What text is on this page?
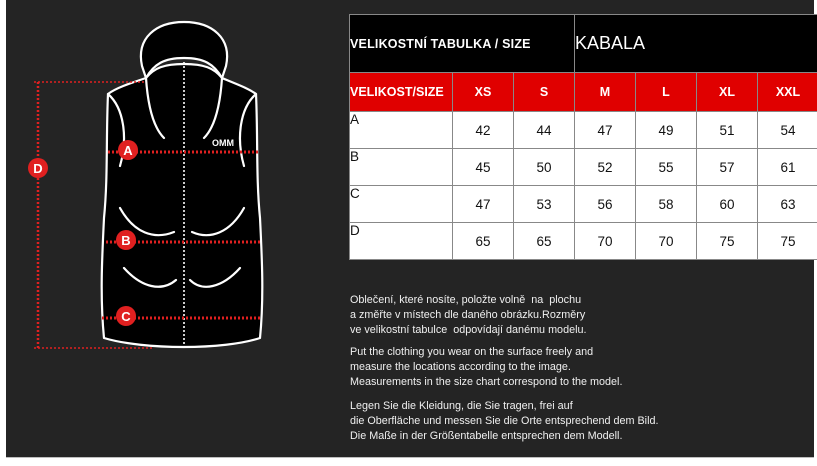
OMM
D
A
B
C
VELIKOSTNÍ TABULKA / SIZE			KABALA			
VELIKOST/SIZE	XS	S	M	L	XL	XXL
A	42	44	47	49	51	54
B	45	50	52	55	57	61
C	47	53	56	58	60	63
D	65	65	70	70	75	75
Oblečení, které nosíte, položte volně  na  plochu
a změřte v místech dle daného obrázku.Rozměry
ve velikostní tabulce  odpovídají danému modelu.
Put the clothing you wear on the surface freely and
measure the locations according to the image.
Measurements in the size chart correspond to the model.
Legen Sie die Kleidung, die Sie tragen, frei auf
die Oberfläche und messen Sie die Orte entsprechend dem Bild.
Die Maße in der Größentabelle entsprechen dem Modell.
